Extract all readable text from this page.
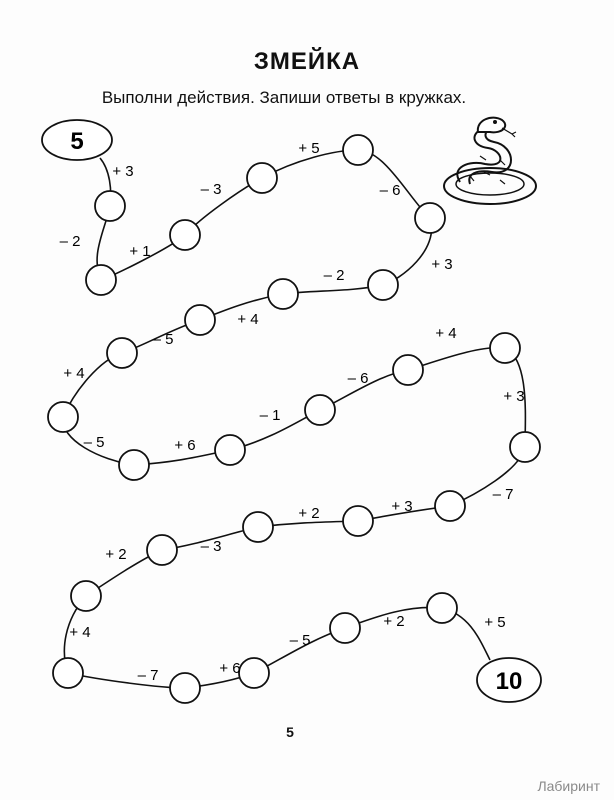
ЗМЕЙКА
Выполни действия. Запиши ответы в кружках.
+ 3
– 2
+ 1
– 3
+ 5
– 6
+ 3
– 2
+ 4
– 5
+ 4
– 5	+ 6
– 1
– 6
+ 4
+ 3
– 7
+ 3
+ 2
– 3
+ 2
+ 4
– 7	+ 6
– 5
+ 2	+ 5
5
10
5
Лабиринт
